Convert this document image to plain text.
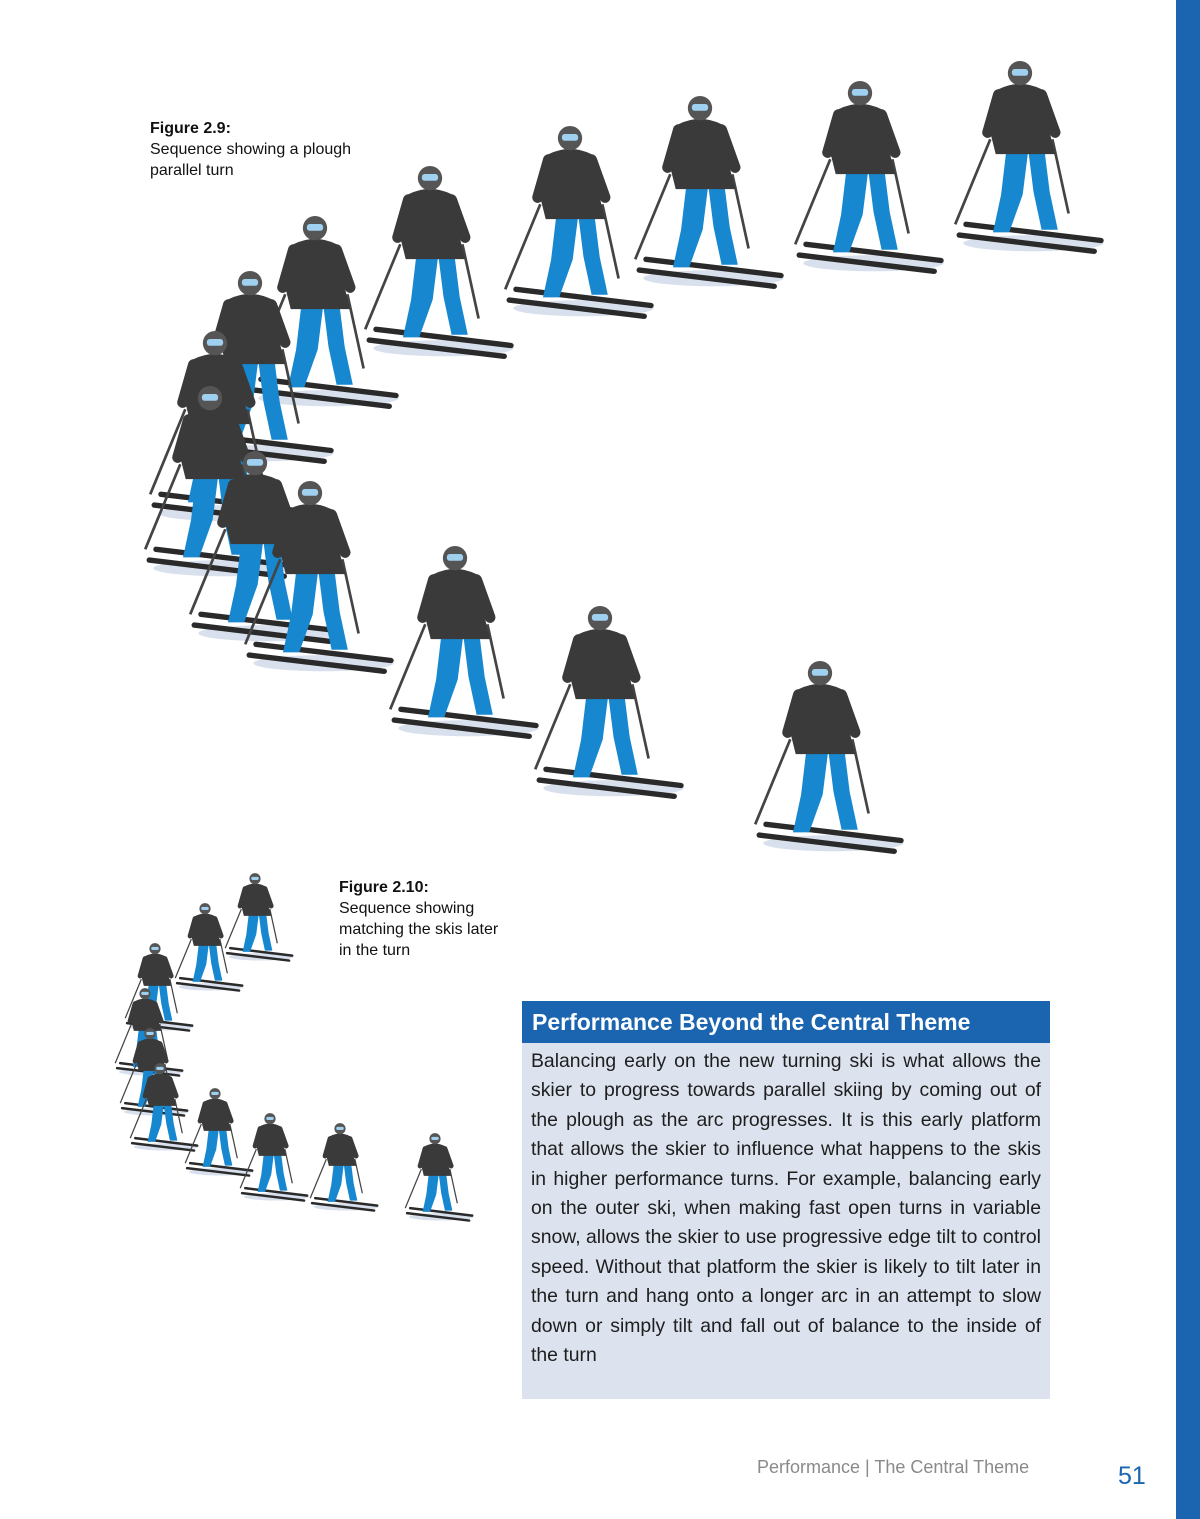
Figure 2.9:
Sequence showing a plough parallel turn
Figure 2.10:
Sequence showing matching the skis later in the turn
Performance Beyond the Central Theme

Balancing early on the new turning ski is what allows the skier to progress towards parallel skiing by coming out of the plough as the arc progresses. It is this early platform that allows the skier to influence what happens to the skis in higher performance turns. For example, balancing early on the outer ski, when making fast open turns in variable snow, allows the skier to use progressive edge tilt to control speed. Without that platform the skier is likely to tilt later in the turn and hang onto a longer arc in an attempt to slow down or simply tilt and fall out of balance to the inside of the turn

Performance | The Central Theme	51
